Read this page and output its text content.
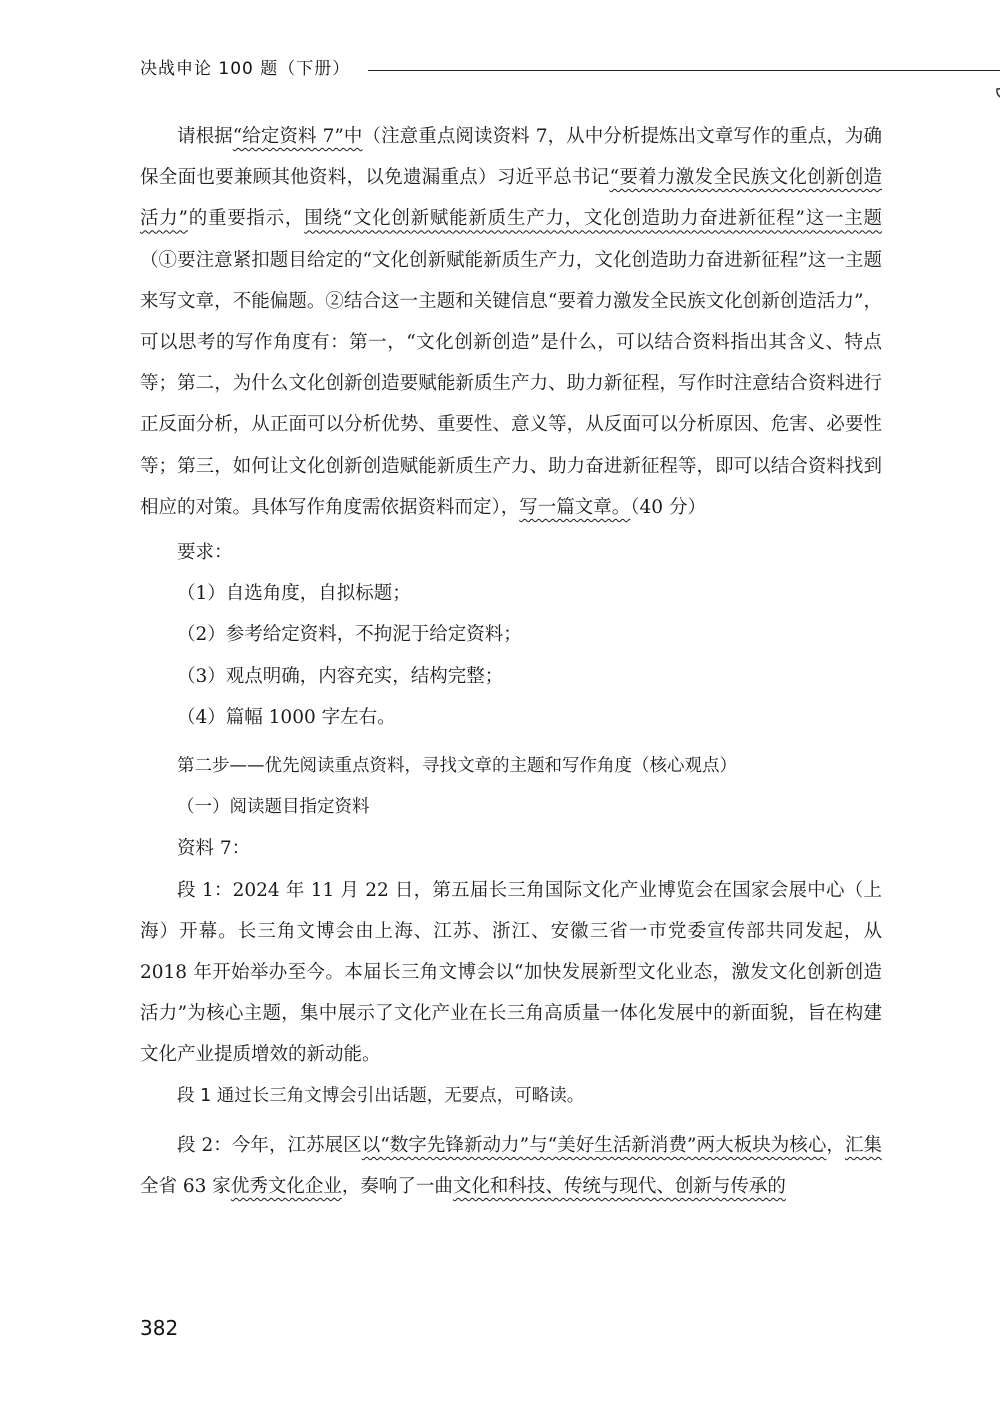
决战申论 100 题（下册）

请根据“给定资料 7”中（注意重点阅读资料 7，从中分析提炼出文章写作的重点，为确保全面也要兼顾其他资料，以免遗漏重点）习近平总书记“要着力激发全民族文化创新创造活力”的重要指示，围绕“文化创新赋能新质生产力，文化创造助力奋进新征程”这一主题（①要注意紧扣题目给定的“文化创新赋能新质生产力，文化创造助力奋进新征程”这一主题来写文章，不能偏题。②结合这一主题和关键信息“要着力激发全民族文化创新创造活力”，可以思考的写作角度有：第一，“文化创新创造”是什么，可以结合资料指出其含义、特点等；第二，为什么文化创新创造要赋能新质生产力、助力新征程，写作时注意结合资料进行正反面分析，从正面可以分析优势、重要性、意义等，从反面可以分析原因、危害、必要性等；第三，如何让文化创新创造赋能新质生产力、助力奋进新征程等，即可以结合资料找到相应的对策。具体写作角度需依据资料而定），写一篇文章。（40 分）

要求：

（1）自选角度，自拟标题；

（2）参考给定资料，不拘泥于给定资料；

（3）观点明确，内容充实，结构完整；

（4）篇幅 1000 字左右。

第二步——优先阅读重点资料，寻找文章的主题和写作角度（核心观点）

（一）阅读题目指定资料

资料 7：

段 1：2024 年 11 月 22 日，第五届长三角国际文化产业博览会在国家会展中心（上海）开幕。长三角文博会由上海、江苏、浙江、安徽三省一市党委宣传部共同发起，从 2018 年开始举办至今。本届长三角文博会以“加快发展新型文化业态，激发文化创新创造活力”为核心主题，集中展示了文化产业在长三角高质量一体化发展中的新面貌，旨在构建文化产业提质增效的新动能。

段 1 通过长三角文博会引出话题，无要点，可略读。

段 2：今年，江苏展区以“数字先锋新动力”与“美好生活新消费”两大板块为核心，汇集全省 63 家优秀文化企业，奏响了一曲文化和科技、传统与现代、创新与传承的

382
